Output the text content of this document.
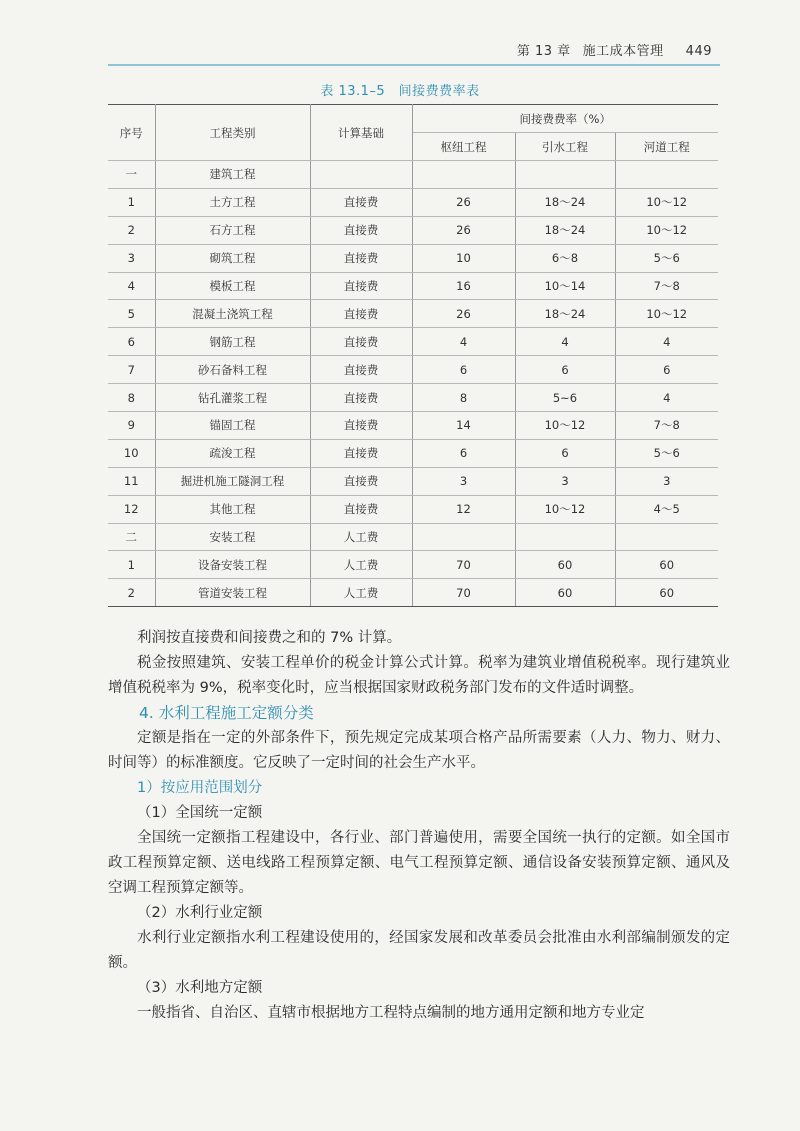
第 13 章 施工成本管理 449
表 13.1–5　间接费费率表
序号	工程类别	计算基础	间接费费率（%）		
			枢纽工程	引水工程	河道工程
一	建筑工程				
1	土方工程	直接费	26	18～24	10～12
2	石方工程	直接费	26	18～24	10～12
3	砌筑工程	直接费	10	6～8	5～6
4	模板工程	直接费	16	10～14	7～8
5	混凝土浇筑工程	直接费	26	18～24	10～12
6	钢筋工程	直接费	4	4	4
7	砂石备料工程	直接费	6	6	6
8	钻孔灌浆工程	直接费	8	5~6	4
9	锚固工程	直接费	14	10～12	7～8
10	疏浚工程	直接费	6	6	5～6
11	掘进机施工隧洞工程	直接费	3	3	3
12	其他工程	直接费	12	10～12	4～5
二	安装工程	人工费			
1	设备安装工程	人工费	70	60	60
2	管道安装工程	人工费	70	60	60

利润按直接费和间接费之和的 7% 计算。

税金按照建筑、安装工程单价的税金计算公式计算。税率为建筑业增值税税率。现行建筑业增值税税率为 9%，税率变化时，应当根据国家财政税务部门发布的文件适时调整。

4. 水利工程施工定额分类

定额是指在一定的外部条件下，预先规定完成某项合格产品所需要素（人力、物力、财力、时间等）的标准额度。它反映了一定时间的社会生产水平。

1）按应用范围划分
（1）全国统一定额

全国统一定额指工程建设中，各行业、部门普遍使用，需要全国统一执行的定额。如全国市政工程预算定额、送电线路工程预算定额、电气工程预算定额、通信设备安装预算定额、通风及空调工程预算定额等。

（2）水利行业定额

水利行业定额指水利工程建设使用的，经国家发展和改革委员会批准由水利部编制颁发的定额。

（3）水利地方定额

一般指省、自治区、直辖市根据地方工程特点编制的地方通用定额和地方专业定
